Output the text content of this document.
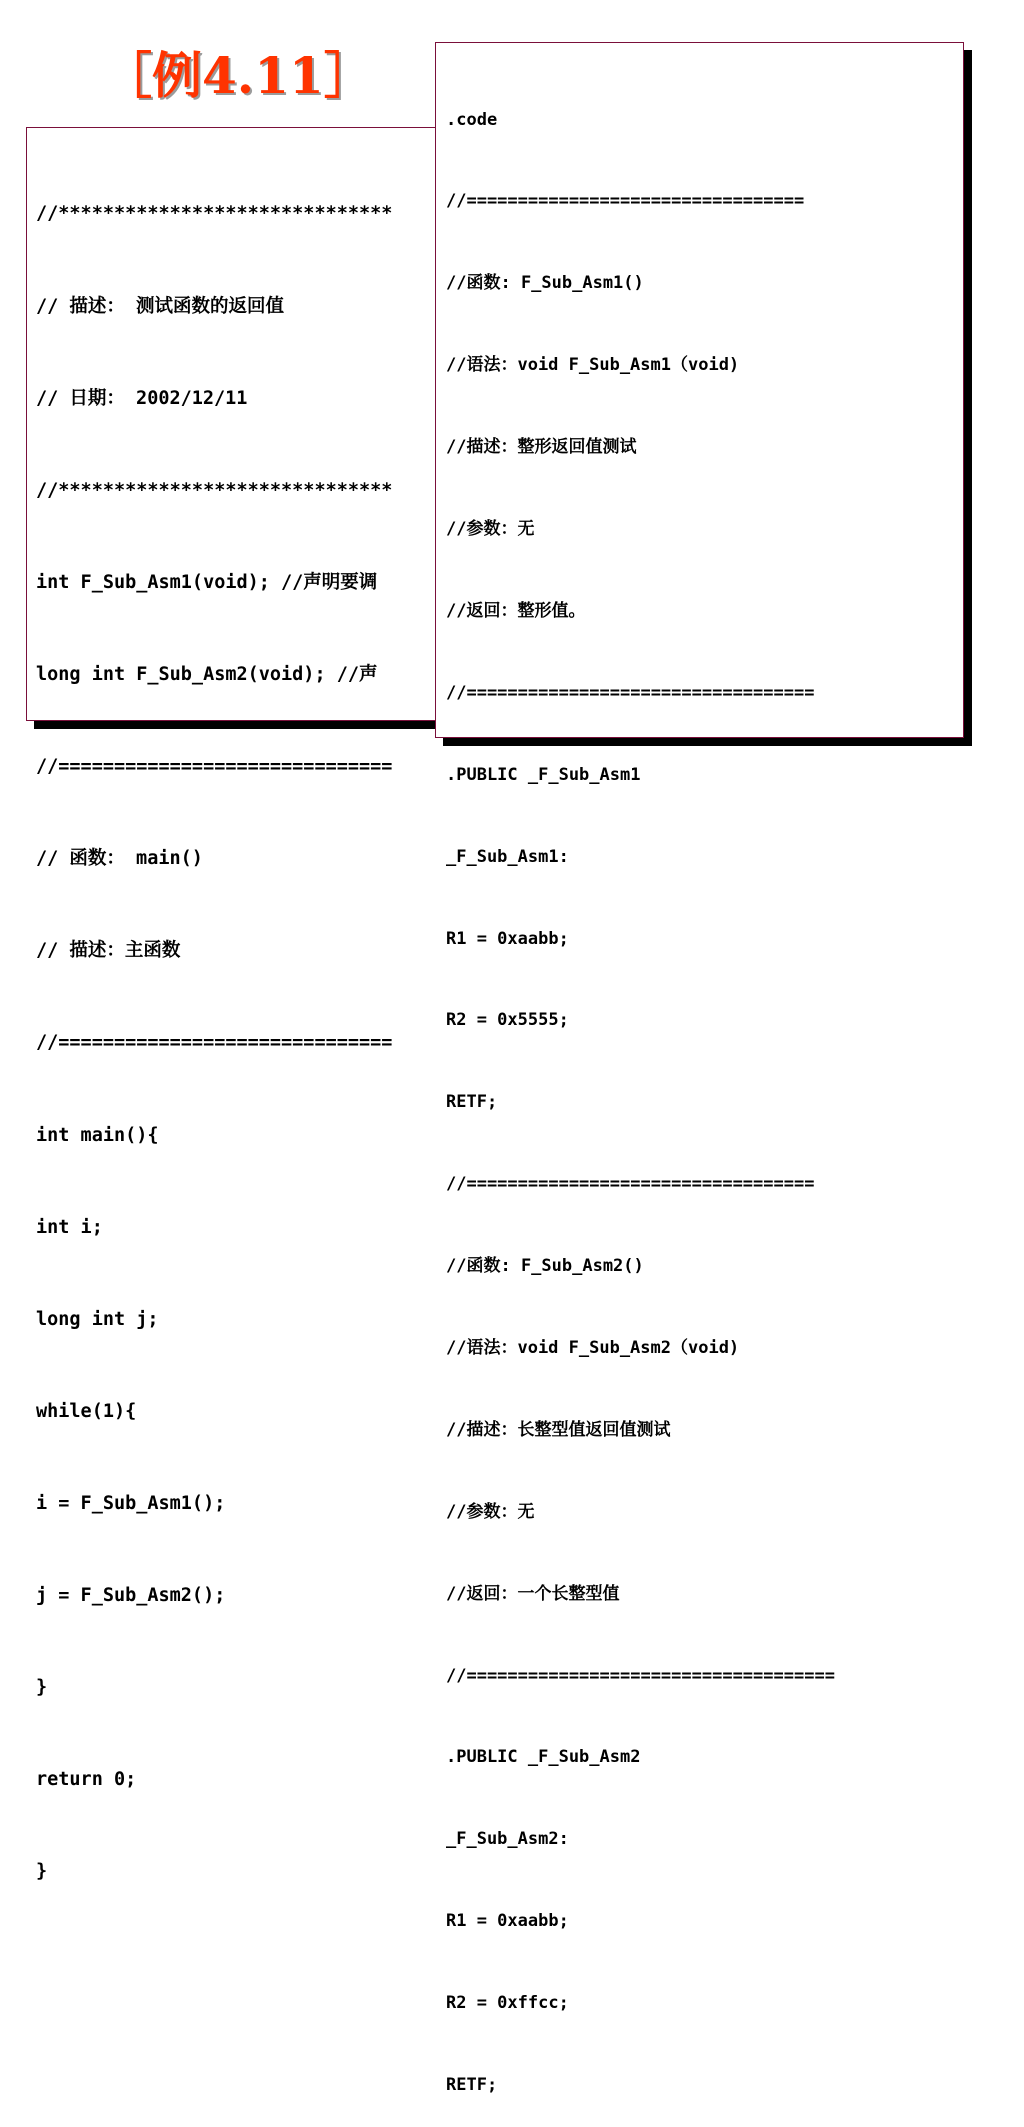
［例4.11］

//******************************

// 描述： 测试函数的返回值

// 日期： 2002/12/11

//******************************

int F_Sub_Asm1(void); //声明要调

long int F_Sub_Asm2(void); //声

//==============================

// 函数： main()

// 描述：主函数

//==============================

int main(){

int i;

long int j;

while(1){

i = F_Sub_Asm1();

j = F_Sub_Asm2();

}

return 0;

}

.code

//=================================

//函数: F_Sub_Asm1()

//语法：void F_Sub_Asm1（void)

//描述：整形返回值测试

//参数：无

//返回：整形值。

//==================================

.PUBLIC _F_Sub_Asm1

_F_Sub_Asm1:

R1 = 0xaabb;

R2 = 0x5555;

RETF;

//==================================

//函数: F_Sub_Asm2()

//语法：void F_Sub_Asm2（void)

//描述：长整型值返回值测试

//参数：无

//返回：一个长整型值

//====================================

.PUBLIC _F_Sub_Asm2

_F_Sub_Asm2:

R1 = 0xaabb;

R2 = 0xffcc;

RETF;
